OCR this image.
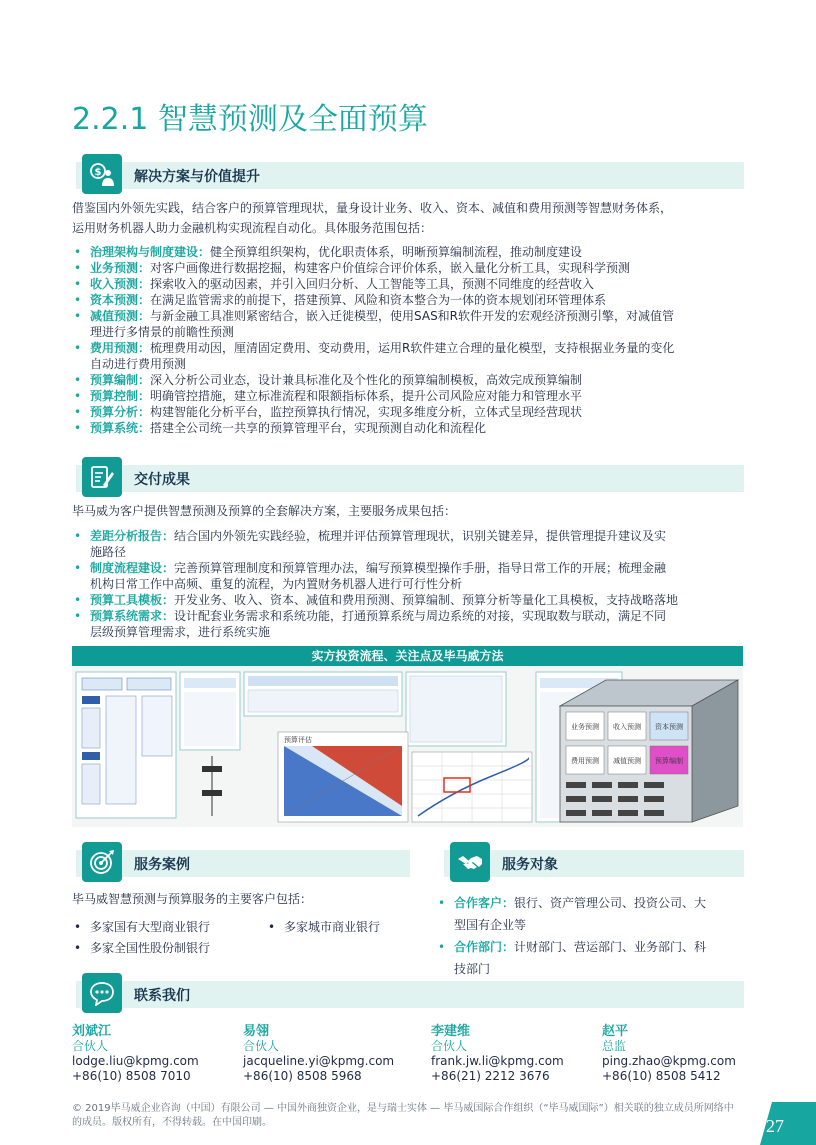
2.2.1 智慧预测及全面预算
$ 解决方案与价值提升
借鉴国内外领先实践，结合客户的预算管理现状，量身设计业务、收入、资本、减值和费用预测等智慧财务体系，
运用财务机器人助力金融机构实现流程自动化。具体服务范围包括：
• 治理架构与制度建设：健全预算组织架构，优化职责体系，明晰预算编制流程，推动制度建设
• 业务预测：对客户画像进行数据挖掘，构建客户价值综合评价体系，嵌入量化分析工具，实现科学预测
• 收入预测：探索收入的驱动因素，并引入回归分析、人工智能等工具，预测不同维度的经营收入
• 资本预测：在满足监管需求的前提下，搭建预算、风险和资本整合为一体的资本规划闭环管理体系
• 减值预测：与新金融工具准则紧密结合，嵌入迁徙模型，使用SAS和R软件开发的宏观经济预测引擎，对减值管
理进行多情景的前瞻性预测
• 费用预测：梳理费用动因，厘清固定费用、变动费用，运用R软件建立合理的量化模型，支持根据业务量的变化
自动进行费用预测
• 预算编制：深入分析公司业态，设计兼具标准化及个性化的预算编制模板，高效完成预算编制
• 预算控制：明确管控措施，建立标准流程和限额指标体系，提升公司风险应对能力和管理水平
• 预算分析：构建智能化分析平台，监控预算执行情况，实现多维度分析，立体式呈现经营现状
• 预算系统：搭建全公司统一共享的预算管理平台，实现预测自动化和流程化
交付成果
毕马威为客户提供智慧预测及预算的全套解决方案，主要服务成果包括：
• 差距分析报告：结合国内外领先实践经验，梳理并评估预算管理现状，识别关键差异，提供管理提升建议及实
施路径
• 制度流程建设：完善预算管理制度和预算管理办法，编写预算模型操作手册，指导日常工作的开展；梳理金融
机构日常工作中高频、重复的流程，为内置财务机器人进行可行性分析
• 预算工具模板：开发业务、收入、资本、减值和费用预测、预算编制、预算分析等量化工具模板，支持战略落地
• 预算系统需求：设计配套业务需求和系统功能，打通预算系统与周边系统的对接，实现取数与联动，满足不同
层级预算管理需求，进行系统实施
实方投资流程、关注点及毕马威方法
预算评估
业务预测 收入预测 资本预测
费用预测 减值预测 预算编制
服务案例
毕马威智慧预测与预算服务的主要客户包括：
• 多家国有大型商业银行
• 多家全国性股份制银行
• 多家城市商业银行
服务对象
• 合作客户：银行、资产管理公司、投资公司、大
型国有企业等
• 合作部门：计财部门、营运部门、业务部门、科
技部门
联系我们
刘斌江
合伙人
lodge.liu@kpmg.com
+86(10) 8508 7010
易翎
合伙人
jacqueline.yi@kpmg.com
+86(10) 8508 5968
李建维
合伙人
frank.jw.li@kpmg.com
+86(21) 2212 3676
赵平
总监
ping.zhao@kpmg.com
+86(10) 8508 5412
© 2019毕马威企业咨询（中国）有限公司 — 中国外商独资企业，是与瑞士实体 — 毕马威国际合作组织（“毕马威国际”）相关联的独立成员所网络中的成员。版权所有，不得转载。在中国印刷。	27
